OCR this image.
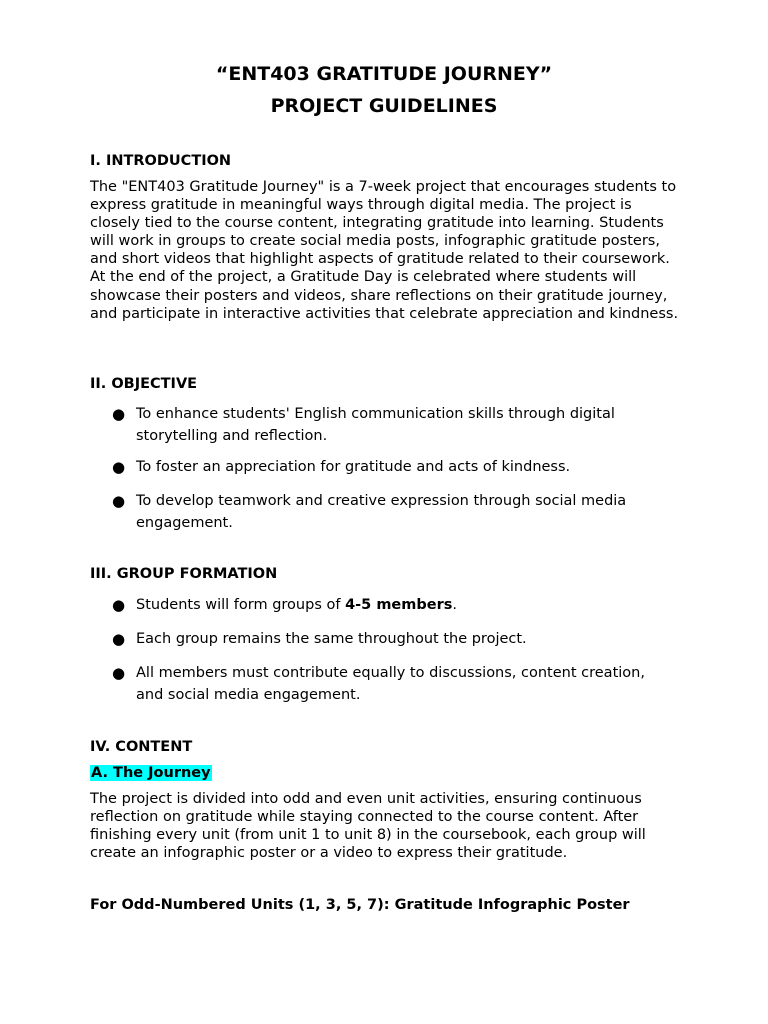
“ENT403 GRATITUDE JOURNEY”
PROJECT GUIDELINES
I. INTRODUCTION

The "ENT403 Gratitude Journey" is a 7-week project that encourages students to express gratitude in meaningful ways through digital media. The project is closely tied to the course content, integrating gratitude into learning. Students will work in groups to create social media posts, infographic gratitude posters, and short videos that highlight aspects of gratitude related to their coursework. At the end of the project, a Gratitude Day is celebrated where students will showcase their posters and videos, share reflections on their gratitude journey, and participate in interactive activities that celebrate appreciation and kindness.

II. OBJECTIVE
● To enhance students' English communication skills through digital storytelling and reflection.
● To foster an appreciation for gratitude and acts of kindness.
● To develop teamwork and creative expression through social media engagement.
III. GROUP FORMATION
● Students will form groups of 4-5 members.
● Each group remains the same throughout the project.
● All members must contribute equally to discussions, content creation, and social media engagement.
IV. CONTENT
A. The Journey

The project is divided into odd and even unit activities, ensuring continuous reflection on gratitude while staying connected to the course content. After finishing every unit (from unit 1 to unit 8) in the coursebook, each group will create an infographic poster or a video to express their gratitude.

For Odd-Numbered Units (1, 3, 5, 7): Gratitude Infographic Poster
